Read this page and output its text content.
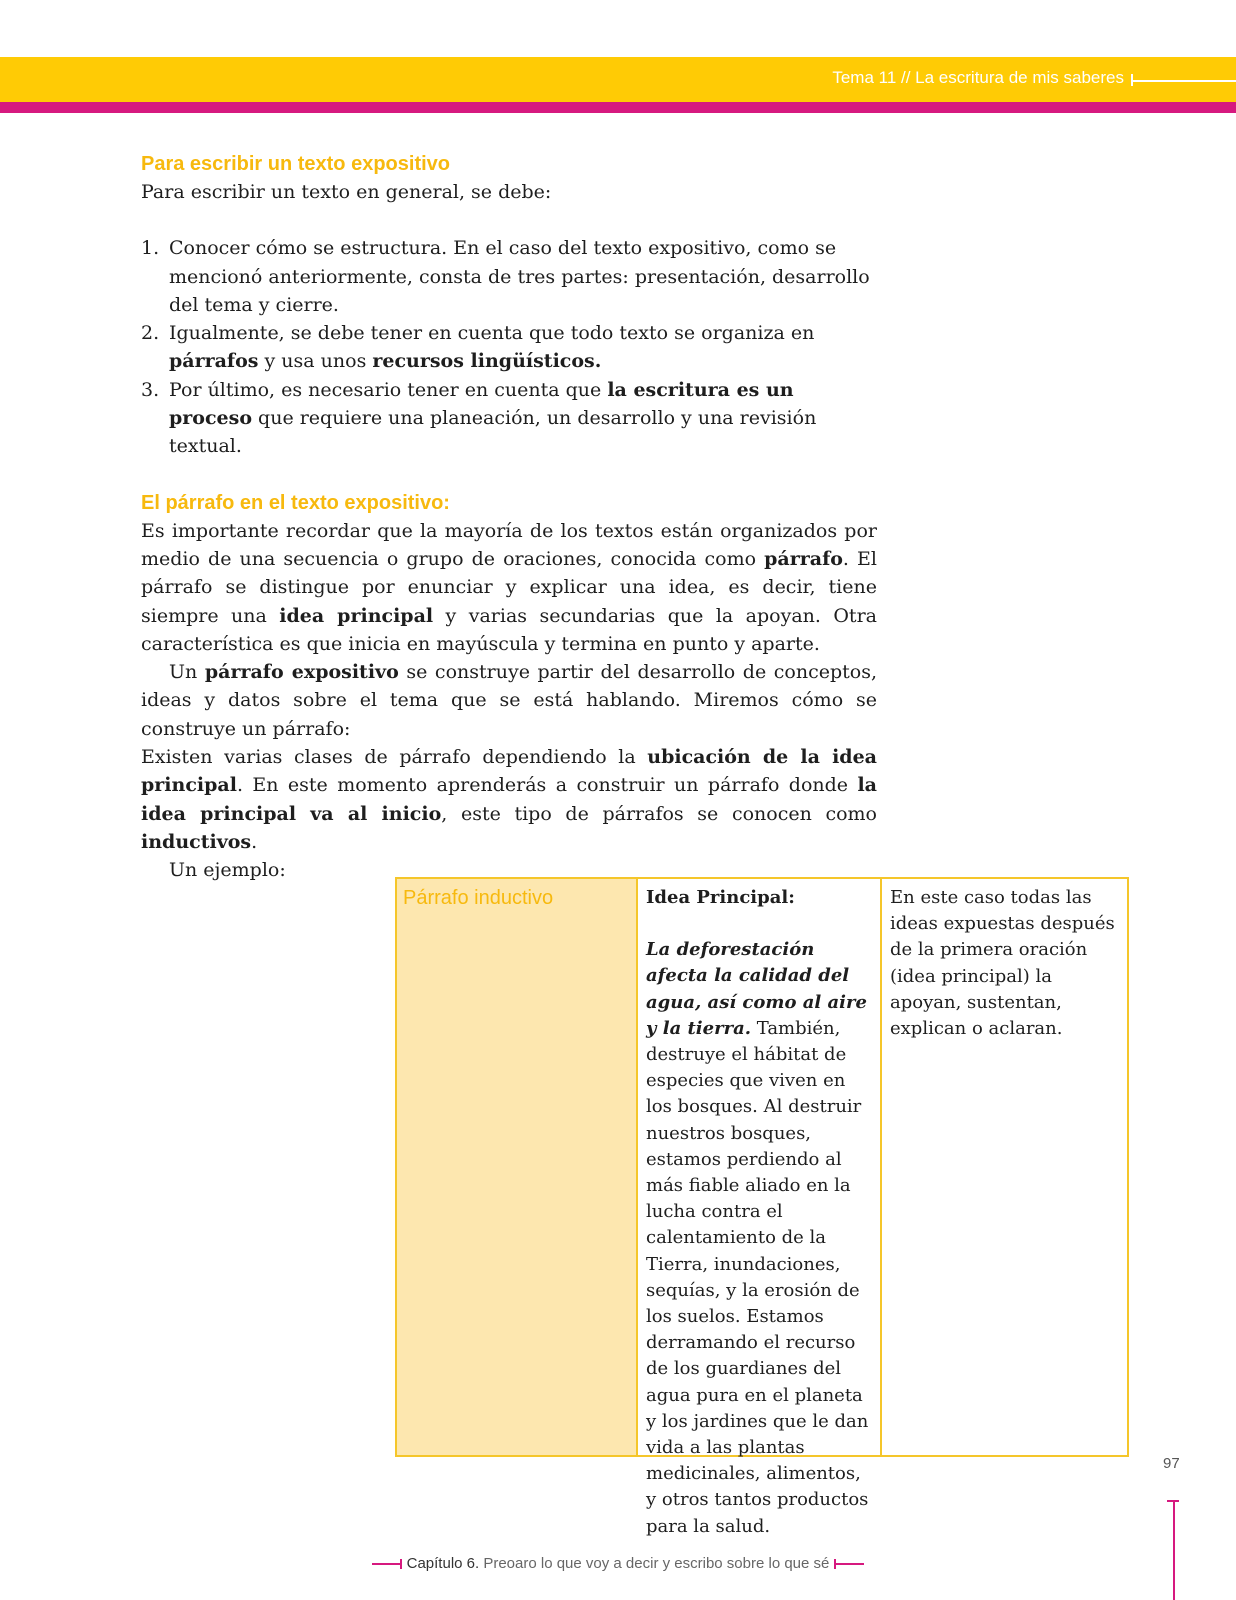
Tema 11 // La escritura de mis saberes
Para escribir un texto expositivo

Para escribir un texto en general, se debe:

1. Conocer cómo se estructura. En el caso del texto expositivo, como se mencionó anteriormente, consta de tres partes: presentación, desarrollo del tema y cierre.
2. Igualmente, se debe tener en cuenta que todo texto se organiza en párrafos y usa unos recursos lingüísticos.
3. Por último, es necesario tener en cuenta que la escritura es un proceso que requiere una planeación, un desarrollo y una revisión textual.
El párrafo en el texto expositivo:

Es importante recordar que la mayoría de los textos están organizados por medio de una secuencia o grupo de oraciones, conocida como párrafo. El párrafo se distingue por enunciar y explicar una idea, es decir, tiene siempre una idea principal y varias secundarias que la apoyan. Otra característica es que inicia en mayúscula y termina en punto y aparte.

Un párrafo expositivo se construye partir del desarrollo de conceptos, ideas y datos sobre el tema que se está hablando. Miremos cómo se construye un párrafo:

Existen varias clases de párrafo dependiendo la ubicación de la idea principal. En este momento aprenderás a construir un párrafo donde la idea principal va al inicio, este tipo de párrafos se conocen como inductivos.

Un ejemplo:

Párrafo inductivo	Idea Principal:

La deforestación afecta la calidad del agua, así como al aire y la tierra. También, destruye el hábitat de especies que viven en los bosques. Al destruir nuestros bosques, estamos perdiendo al más fiable aliado en la lucha contra el calentamiento de la Tierra, inundaciones, sequías, y la erosión de los suelos. Estamos derramando el recurso de los guardianes del agua pura en el planeta y los jardines que le dan vida a las plantas medicinales, alimentos, y otros tantos productos para la salud.

En este caso todas las ideas expuestas después de la primera oración (idea principal) la apoyan, sustentan, explican o aclaran.

97
Capítulo 6. Preoaro lo que voy a decir y escribo sobre lo que sé
